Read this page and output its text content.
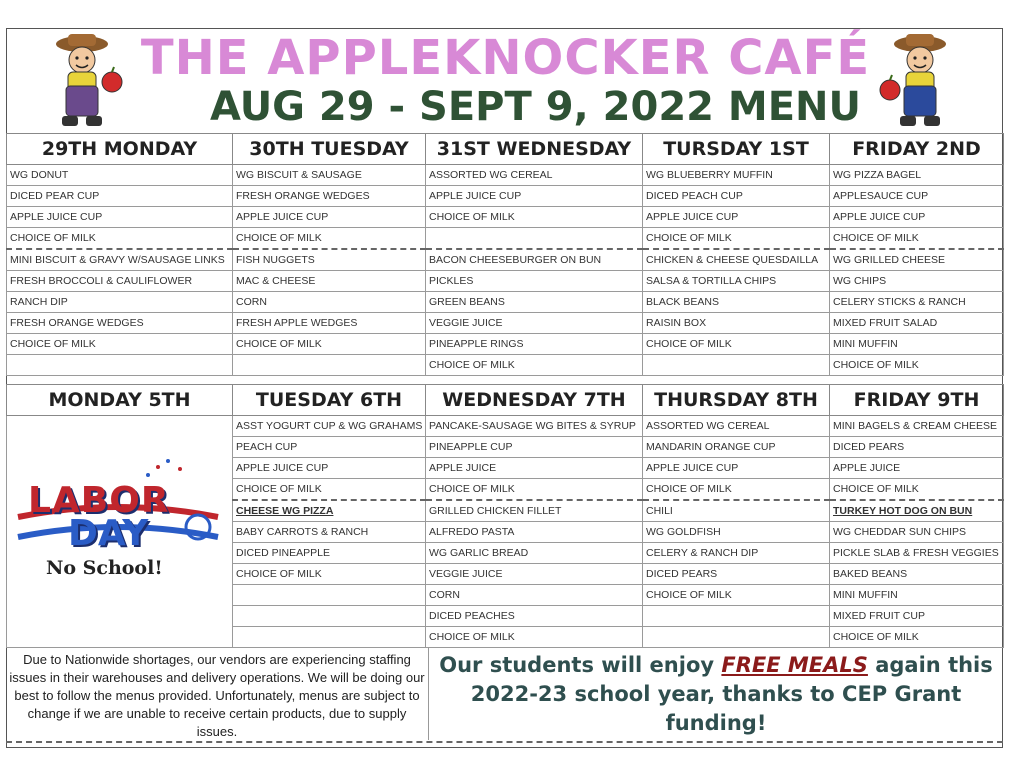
THE APPLEKNOCKER CAFÉ
AUG 29 - SEPT 9, 2022 MENU
29TH MONDAY	30TH TUESDAY	31ST WEDNESDAY	TURSDAY 1ST	FRIDAY 2ND
WG DONUT	WG BISCUIT & SAUSAGE	ASSORTED WG CEREAL	WG BLUEBERRY MUFFIN	WG PIZZA BAGEL
DICED PEAR CUP	FRESH ORANGE WEDGES	APPLE JUICE CUP	DICED PEACH CUP	APPLESAUCE CUP
APPLE JUICE CUP	APPLE JUICE CUP	CHOICE OF MILK	APPLE JUICE CUP	APPLE JUICE CUP
CHOICE OF MILK	CHOICE OF MILK		CHOICE OF MILK	CHOICE OF MILK
MINI BISCUIT & GRAVY W/SAUSAGE LINKS	FISH NUGGETS	BACON CHEESEBURGER ON BUN	CHICKEN & CHEESE QUESDAILLA	WG GRILLED CHEESE
FRESH BROCCOLI & CAULIFLOWER	MAC & CHEESE	PICKLES	SALSA & TORTILLA CHIPS	WG CHIPS
RANCH DIP	CORN	GREEN BEANS	BLACK BEANS	CELERY STICKS & RANCH
FRESH ORANGE WEDGES	FRESH APPLE WEDGES	VEGGIE JUICE	RAISIN BOX	MIXED FRUIT SALAD
CHOICE OF MILK	CHOICE OF MILK	PINEAPPLE RINGS	CHOICE OF MILK	MINI MUFFIN
		CHOICE OF MILK		CHOICE OF MILK
MONDAY 5TH	TUESDAY 6TH	WEDNESDAY 7TH	THURSDAY 8TH	FRIDAY 9TH
	ASST YOGURT CUP & WG GRAHAMS	PANCAKE-SAUSAGE WG BITES & SYRUP	ASSORTED WG CEREAL	MINI BAGELS & CREAM CHEESE
	PEACH CUP	PINEAPPLE CUP	MANDARIN ORANGE CUP	DICED PEARS
	APPLE JUICE CUP	APPLE JUICE	APPLE JUICE CUP	APPLE JUICE
	CHOICE OF MILK	CHOICE OF MILK	CHOICE OF MILK	CHOICE OF MILK
	CHEESE WG PIZZA	GRILLED CHICKEN FILLET	CHILI	TURKEY HOT DOG ON BUN
	BABY CARROTS & RANCH	ALFREDO PASTA	WG GOLDFISH	WG CHEDDAR SUN CHIPS
	DICED PINEAPPLE	WG GARLIC BREAD	CELERY & RANCH DIP	PICKLE SLAB & FRESH VEGGIES
	CHOICE OF MILK	VEGGIE JUICE	DICED PEARS	BAKED BEANS
		CORN	CHOICE OF MILK	MINI MUFFIN
		DICED PEACHES		MIXED FRUIT CUP
		CHOICE OF MILK		CHOICE OF MILK
LABOR
DAY
No School!
Due to Nationwide shortages, our vendors are experiencing staffing issues in their warehouses and delivery operations. We will be doing our best to follow the menus provided. Unfortunately, menus are subject to change if we are unable to receive certain products, due to supply issues.
Our students will enjoy FREE MEALS again this 2022-23 school year, thanks to CEP Grant funding!
